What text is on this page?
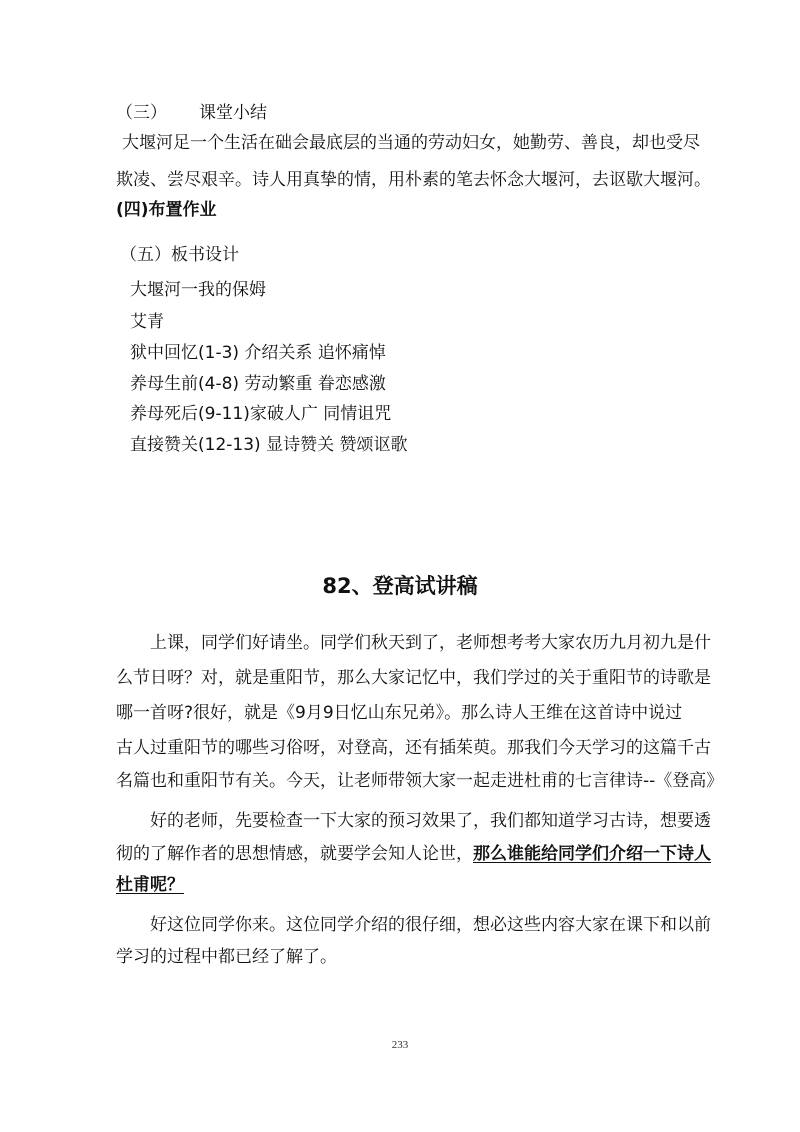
（三） 课堂小结
大堰河足一个生活在础会最底层的当通的劳动妇女，她勤劳、善良，却也受尽
欺凌、尝尽艰辛。诗人用真挚的情，用朴素的笔去怀念大堰河，去讴歇大堰河。
(四)布置作业
（五）板书设计
大堰河一我的保姆
艾青
狱中回忆(1-3) 介绍关系 追怀痛悼
养母生前(4-8) 劳动繁重 眷恋感激
养母死后(9-11)家破人广 同情诅咒
直接赞关(12-13) 显诗赞关 赞颂讴歌
82、登高试讲稿
上课，同学们好请坐。同学们秋天到了，老师想考考大家农历九月初九是什
么节日呀？对，就是重阳节，那么大家记忆中，我们学过的关于重阳节的诗歌是
哪一首呀?很好，就是《9月9日忆山东兄弟》。那么诗人王维在这首诗中说过
古人过重阳节的哪些习俗呀，对登高，还有插茱萸。那我们今天学习的这篇千古
名篇也和重阳节有关。今天，让老师带领大家一起走进杜甫的七言律诗--《登高》
好的老师，先要检查一下大家的预习效果了，我们都知道学习古诗，想要透
彻的了解作者的思想情感，就要学会知人论世，那么谁能给同学们介绍一下诗人
杜甫呢？
好这位同学你来。这位同学介绍的很仔细，想必这些内容大家在课下和以前
学习的过程中都已经了解了。
233
